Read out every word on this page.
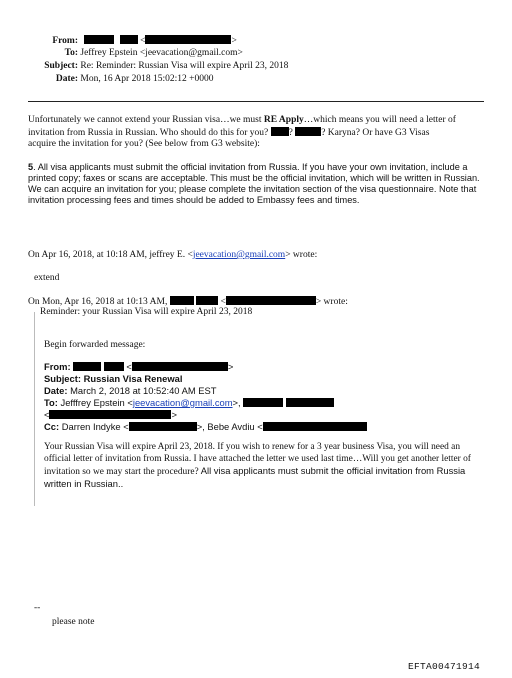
From:	<	>
To: Jeffrey Epstein <jeevacation@gmail.com>
Subject: Re: Reminder: Russian Visa will expire April 23, 2018
Date: Mon, 16 Apr 2018 15:02:12 +0000
Unfortunately we cannot extend your Russian visa…we must RE Apply…which means you will need a letter of
invitation from Russia in Russian. Who should do this for you? ?	? Karyna? Or have G3 Visas
acquire the invitation for you? (See below from G3 website):
5. All visa applicants must submit the official invitation from Russia. If you have your own invitation, include a printed copy; faxes or scans are acceptable. This must be the official invitation, which will be written in Russian. We can acquire an invitation for you; please complete the invitation section of the visa questionnaire. Note that invitation processing fees and times should be added to Embassy fees and times.
On Apr 16, 2018, at 10:18 AM, jeffrey E. <jeevacation@gmail.com> wrote:
extend
On Mon, Apr 16, 2018 at 10:13 AM,	<	> wrote:
Reminder: your Russian Visa will expire April 23, 2018
Begin forwarded message:
From:	<	>
Subject: Russian Visa Renewal
Date: March 2, 2018 at 10:52:40 AM EST
To: Jefffrey Epstein <jeevacation@gmail.com>,
<	>
Cc: Darren Indyke <	>, Bebe Avdiu <
Your Russian Visa will expire April 23, 2018. If you wish to renew for a 3 year business Visa, you will need an official letter of invitation from Russia. I have attached the letter we used last time…Will you get another letter of invitation so we may start the procedure? All visa applicants must submit the official invitation from Russia written in Russian..
--
please note
EFTA00471914
